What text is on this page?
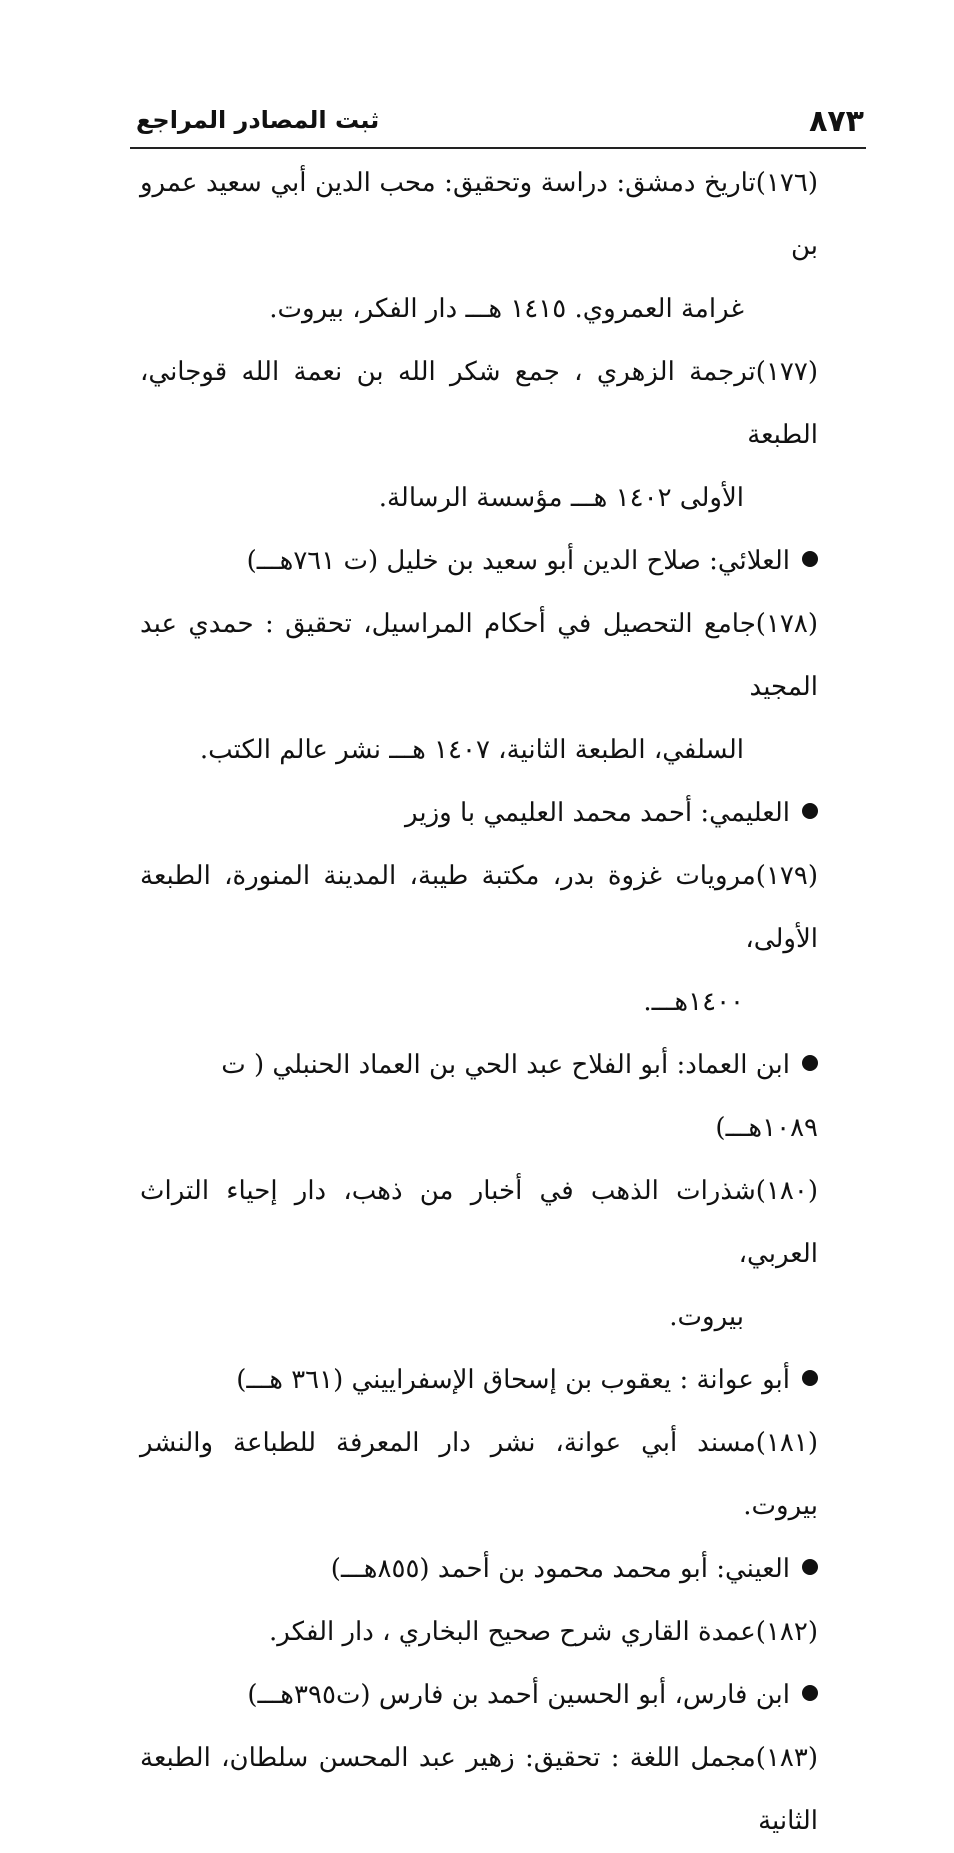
٨٧٣
ثبت المصادر المراجع

(١٧٦)تاريخ دمشق: دراسة وتحقيق: محب الدين أبي سعيد عمرو بن
غرامة العمروي. ١٤١٥ هـــ دار الفكر، بيروت.

(١٧٧)ترجمة الزهري ، جمع شكر الله بن نعمة الله قوجاني، الطبعة
الأولى ١٤٠٢ هـــ مؤسسة الرسالة.

العلائي: صلاح الدين أبو سعيد بن خليل (ت ٧٦١هـــ)

(١٧٨)جامع التحصيل في أحكام المراسيل، تحقيق : حمدي عبد المجيد
السلفي، الطبعة الثانية، ١٤٠٧ هـــ نشر عالم الكتب.

العليمي: أحمد محمد العليمي با وزير

(١٧٩)مرويات غزوة بدر، مكتبة طيبة، المدينة المنورة، الطبعة الأولى،
١٤٠٠هـــ.

ابن العماد: أبو الفلاح عبد الحي بن العماد الحنبلي ( ت
١٠٨٩هـــ)

(١٨٠)شذرات الذهب في أخبار من ذهب، دار إحياء التراث العربي،
بيروت.

أبو عوانة : يعقوب بن إسحاق الإسفراييني (٣٦١ هـــ)

(١٨١)مسند أبي عوانة، نشر دار المعرفة للطباعة والنشر بيروت.

العيني: أبو محمد محمود بن أحمد (٨٥٥هـــ)

(١٨٢)عمدة القاري شرح صحيح البخاري ، دار الفكر.

ابن فارس، أبو الحسين أحمد بن فارس (ت٣٩٥هـــ)

(١٨٣)مجمل اللغة : تحقيق: زهير عبد المحسن سلطان، الطبعة الثانية
